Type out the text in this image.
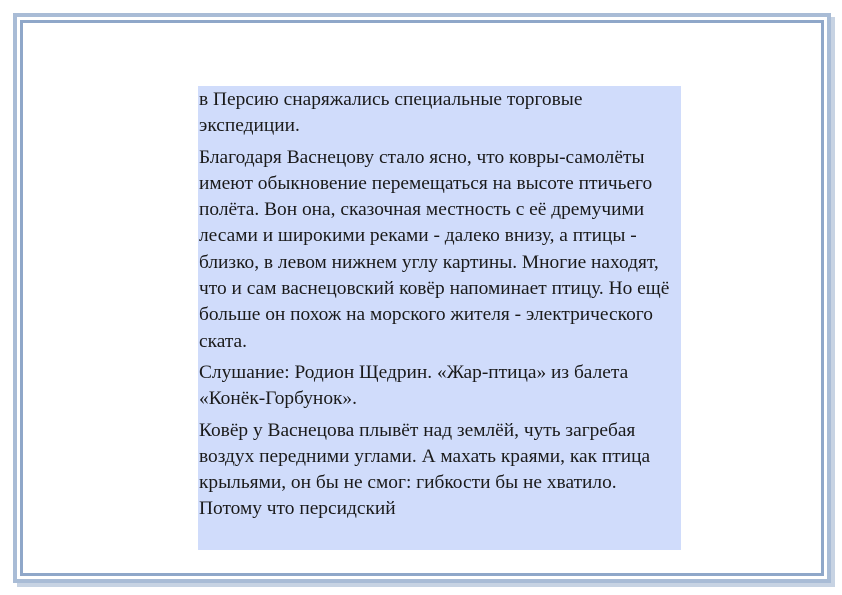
в Персию снаряжались специальные торговые экспедиции.

Благодаря Васнецову стало ясно, что ковры-самолёты имеют обыкновение перемещаться на высоте птичьего полёта. Вон она, сказочная местность с её дремучими лесами и широкими реками - далеко внизу, а птицы - близко, в левом нижнем углу картины. Многие находят, что и сам васнецовский ковёр напоминает птицу. Но ещё больше он похож на морского жителя - электрического ската.

Слушание: Родион Щедрин. «Жар-птица» из балета «Конёк-Горбунок».

Ковёр у Васнецова плывёт над землёй, чуть загребая воздух передними углами. А махать краями, как птица крыльями, он бы не смог: гибкости бы не хватило. Потому что персидский
